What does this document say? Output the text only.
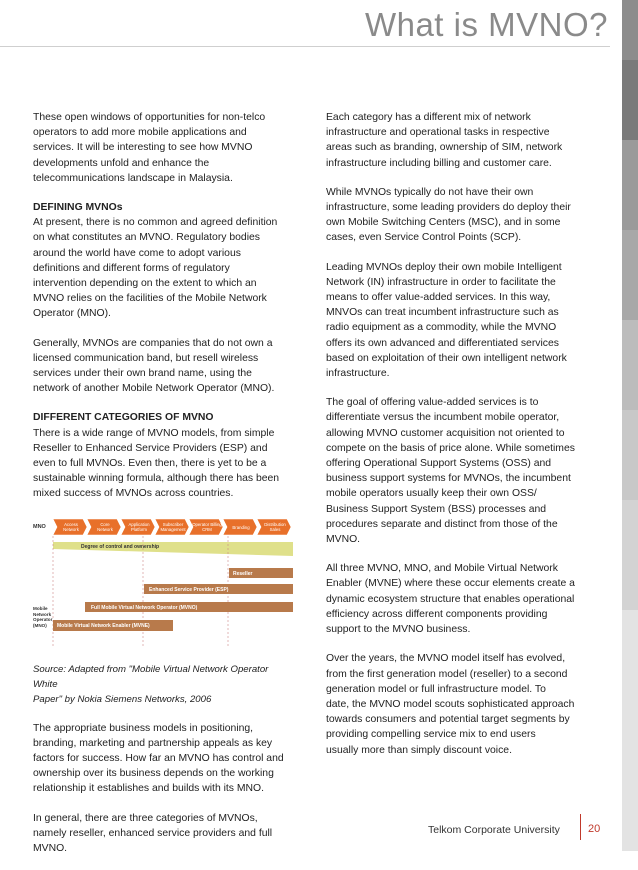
What is MVNO?

These open windows of opportunities for non-telco
operators to add more mobile applications and
services. It will be interesting to see how MVNO
developments unfold and enhance the
telecommunications landscape in Malaysia.

DEFINING MVNOs

At present, there is no common and agreed definition
on what constitutes an MVNO. Regulatory bodies
around the world have come to adopt various
definitions and different forms of regulatory
intervention depending on the extent to which an
MVNO relies on the facilities of the Mobile Network
Operator (MNO).

Generally, MVNOs are companies that do not own a
licensed communication band, but resell wireless
services under their own brand name, using the
network of another Mobile Network Operator (MNO).

DIFFERENT CATEGORIES OF MVNO

There is a wide range of MVNO models, from simple
Reseller to Enhanced Service Providers (ESP) and
even to full MVNOs. Even then, there is yet to be a
sustainable winning formula, although there has been
mixed success of MVNOs across countries.

MNO	Access Network
Core Network
Application Platform
Subscriber Management
Operator Billing CRM	Branding
Distribution Sales
Degree of control and ownership
Reseller
Enhanced Service Provider (ESP)
Full Mobile Virtual Network Operator (MVNO)
Mobile Virtual Network Enabler (MVNE)
Mobile Network Operator (MNO)

Source: Adapted from "Mobile Virtual Network Operator White
Paper" by Nokia Siemens Networks, 2006

The appropriate business models in positioning,
branding, marketing and partnership appeals as key
factors for success. How far an MVNO has control and
ownership over its business depends on the working
relationship it establishes and builds with its MNO.

In general, there are three categories of MVNOs,
namely reseller, enhanced service providers and full
MVNO.

Each category has a different mix of network
infrastructure and operational tasks in respective
areas such as branding, ownership of SIM, network
infrastructure including billing and customer care.

While MVNOs typically do not have their own
infrastructure, some leading providers do deploy their
own Mobile Switching Centers (MSC), and in some
cases, even Service Control Points (SCP).

Leading MVNOs deploy their own mobile Intelligent
Network (IN) infrastructure in order to facilitate the
means to offer value-added services. In this way,
MNVOs can treat incumbent infrastructure such as
radio equipment as a commodity, while the MVNO
offers its own advanced and differentiated services
based on exploitation of their own intelligent network
infrastructure.

The goal of offering value-added services is to
differentiate versus the incumbent mobile operator,
allowing MVNO customer acquisition not oriented to
compete on the basis of price alone. While sometimes
offering Operational Support Systems (OSS) and
business support systems for MVNOs, the incumbent
mobile operators usually keep their own OSS/
Business Support System (BSS) processes and
procedures separate and distinct from those of the
MVNO.

All three MVNO, MNO, and Mobile Virtual Network
Enabler (MVNE) where these occur elements create a
dynamic ecosystem structure that enables operational
efficiency across different components providing
support to the MVNO business.

Over the years, the MVNO model itself has evolved,
from the first generation model (reseller) to a second
generation model or full infrastructure model. To
date, the MVNO model scouts sophisticated approach
towards consumers and potential target segments by
providing compelling service mix to end users
usually more than simply discount voice.

Telkom Corporate University	20
